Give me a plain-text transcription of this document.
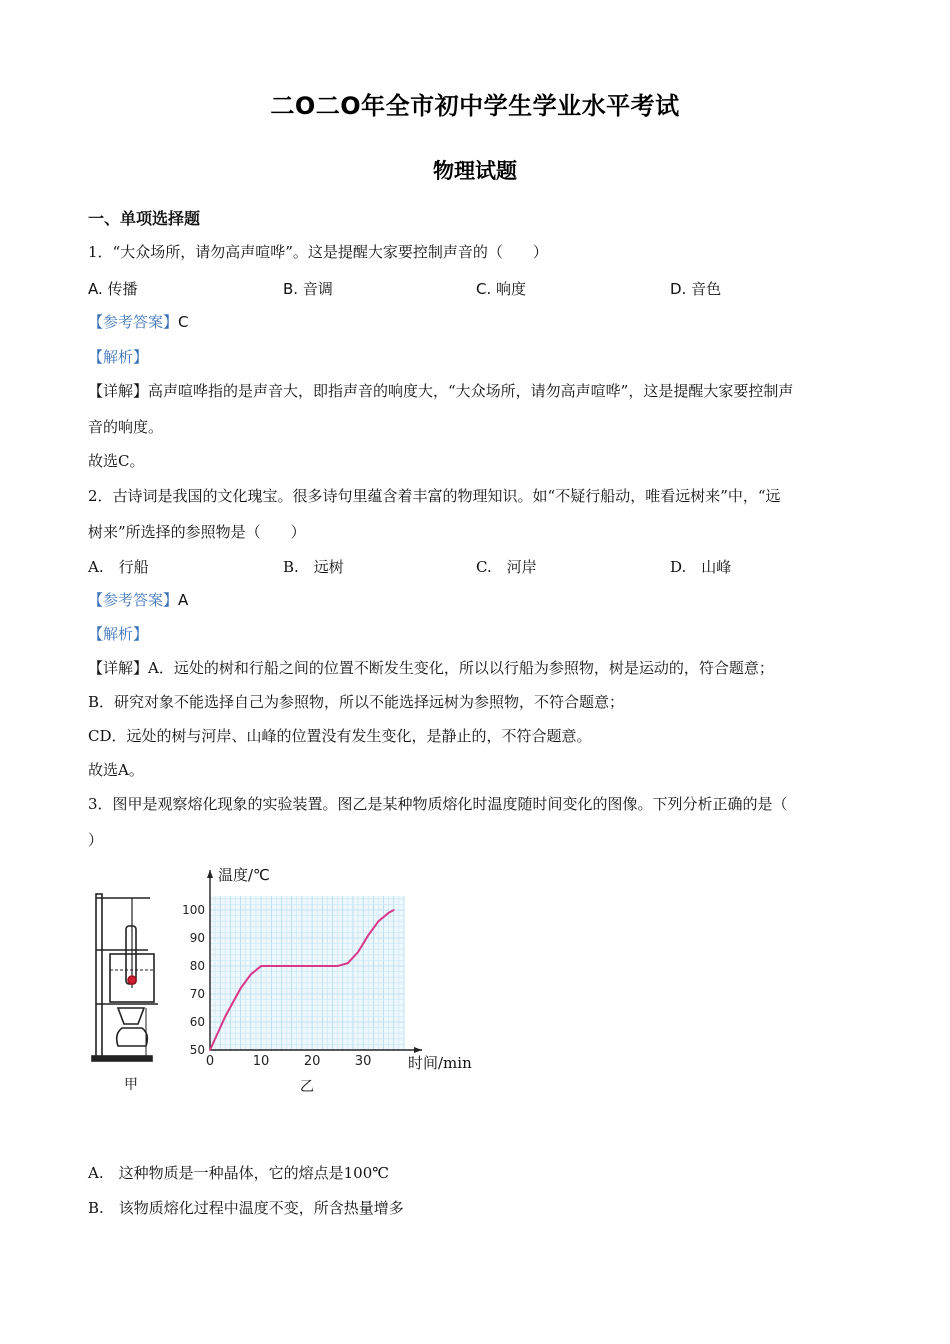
二O二O年全市初中学生学业水平考试
物理试题
一、单项选择题
1．“大众场所，请勿高声喧哗”。这是提醒大家要控制声音的（　　）
A. 传播	B. 音调	C. 响度	D. 音色
【参考答案】C
【解析】
【详解】高声喧哗指的是声音大，即指声音的响度大，“大众场所，请勿高声喧哗”，这是提醒大家要控制声
音的响度。
故选C。
2．古诗词是我国的文化瑰宝。很多诗句里蕴含着丰富的物理知识。如“不疑行船动，唯看远树来”中，“远
树来”所选择的参照物是（　　）
A.　行船	B.　远树	C.　河岸	D.　山峰
【参考答案】A
【解析】
【详解】A．远处的树和行船之间的位置不断发生变化，所以以行船为参照物，树是运动的，符合题意；
B．研究对象不能选择自己为参照物，所以不能选择远树为参照物，不符合题意；
CD．远处的树与河岸、山峰的位置没有发生变化，是静止的，不符合题意。
故选A。
3．图甲是观察熔化现象的实验装置。图乙是某种物质熔化时温度随时间变化的图像。下列分析正确的是（
）
甲
0	10	20	30
50
60
70
80
90
100
温度/℃
时间/min
乙
A.　这种物质是一种晶体，它的熔点是100℃
B.　该物质熔化过程中温度不变，所含热量增多
